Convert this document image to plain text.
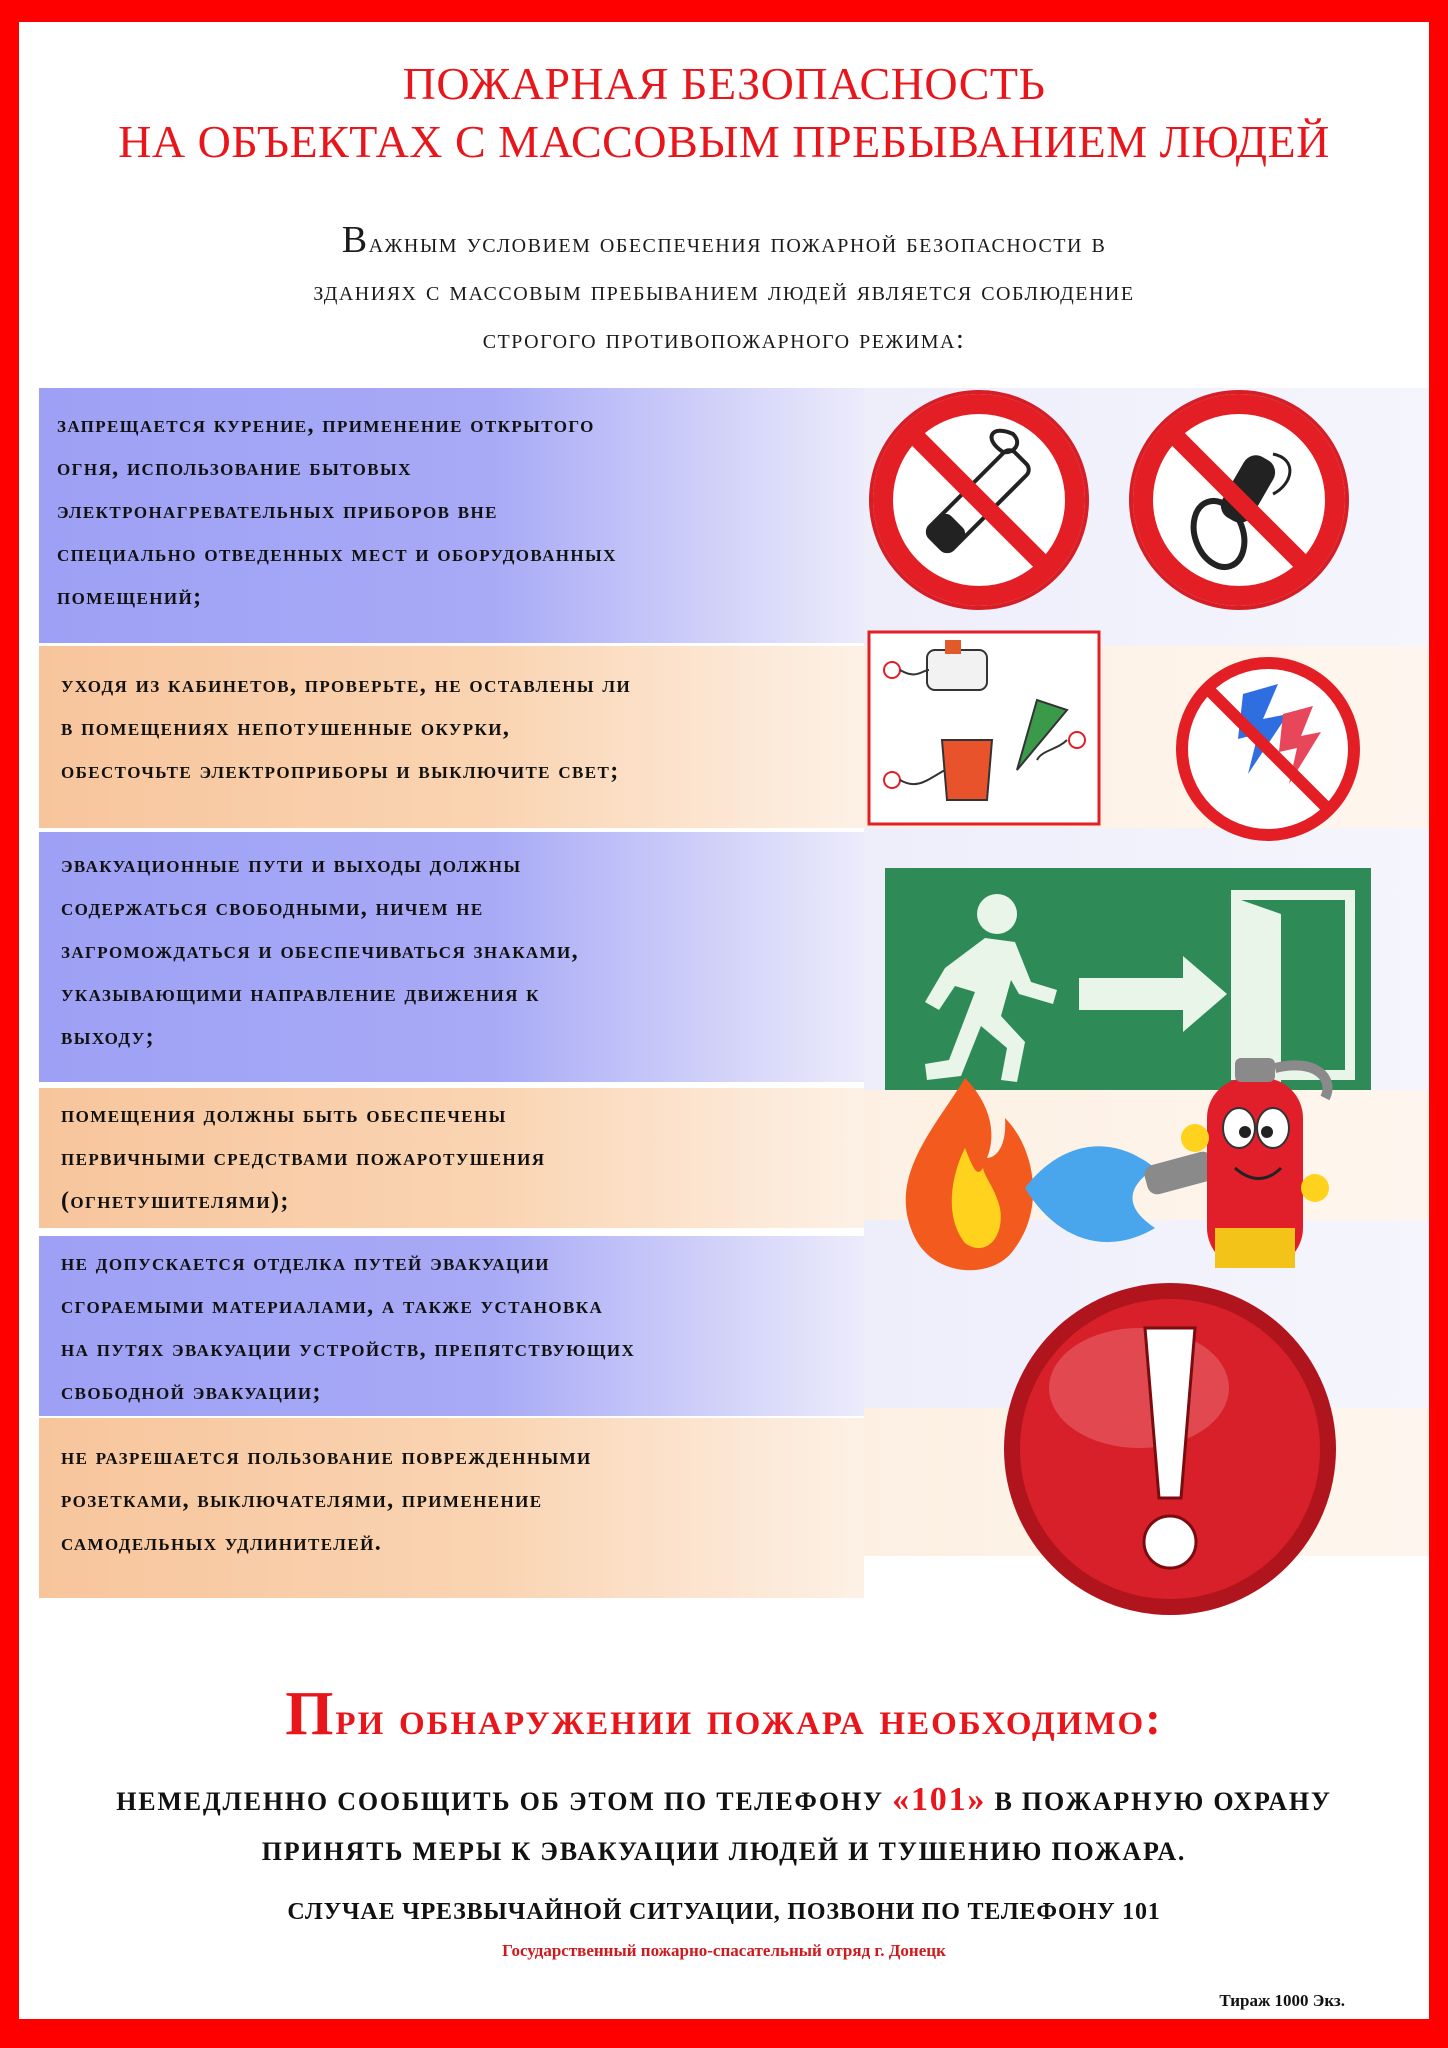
ПОЖАРНАЯ БЕЗОПАСНОСТЬ
НА ОБЪЕКТАХ С МАССОВЫМ ПРЕБЫВАНИЕМ ЛЮДЕЙ
Важным условием обеспечения пожарной безопасности в
зданиях с массовым пребыванием людей является соблюдение
строгого противопожарного режима:
запрещается курение, применение открытого
огня, использование бытовых
электронагревательных приборов вне
специально отведенных мест и оборудованных
помещений;
уходя из кабинетов, проверьте, не оставлены ли
в помещениях непотушенные окурки,
обесточьте электроприборы и выключите свет;
эвакуационные пути и выходы должны
содержаться свободными, ничем не
загромождаться и обеспечиваться знаками,
указывающими направление движения к
выходу;
помещения должны быть обеспечены
первичными средствами пожаротушения
(огнетушителями);
не допускается отделка путей эвакуации
сгораемыми материалами, а также установка
на путях эвакуации устройств, препятствующих
свободной эвакуации;
не разрешается пользование поврежденными
розетками, выключателями, применение
самодельных удлинителей.
При обнаружении пожара необходимо:
НЕМЕДЛЕННО СООБЩИТЬ ОБ ЭТОМ ПО ТЕЛЕФОНУ «101» В ПОЖАРНУЮ ОХРАНУ
ПРИНЯТЬ МЕРЫ К ЭВАКУАЦИИ ЛЮДЕЙ И ТУШЕНИЮ ПОЖАРА.
СЛУЧАЕ ЧРЕЗВЫЧАЙНОЙ СИТУАЦИИ, ПОЗВОНИ ПО ТЕЛЕФОНУ 101
Государственный пожарно-спасательный отряд г. Донецк
Тираж 1000 Экз.
